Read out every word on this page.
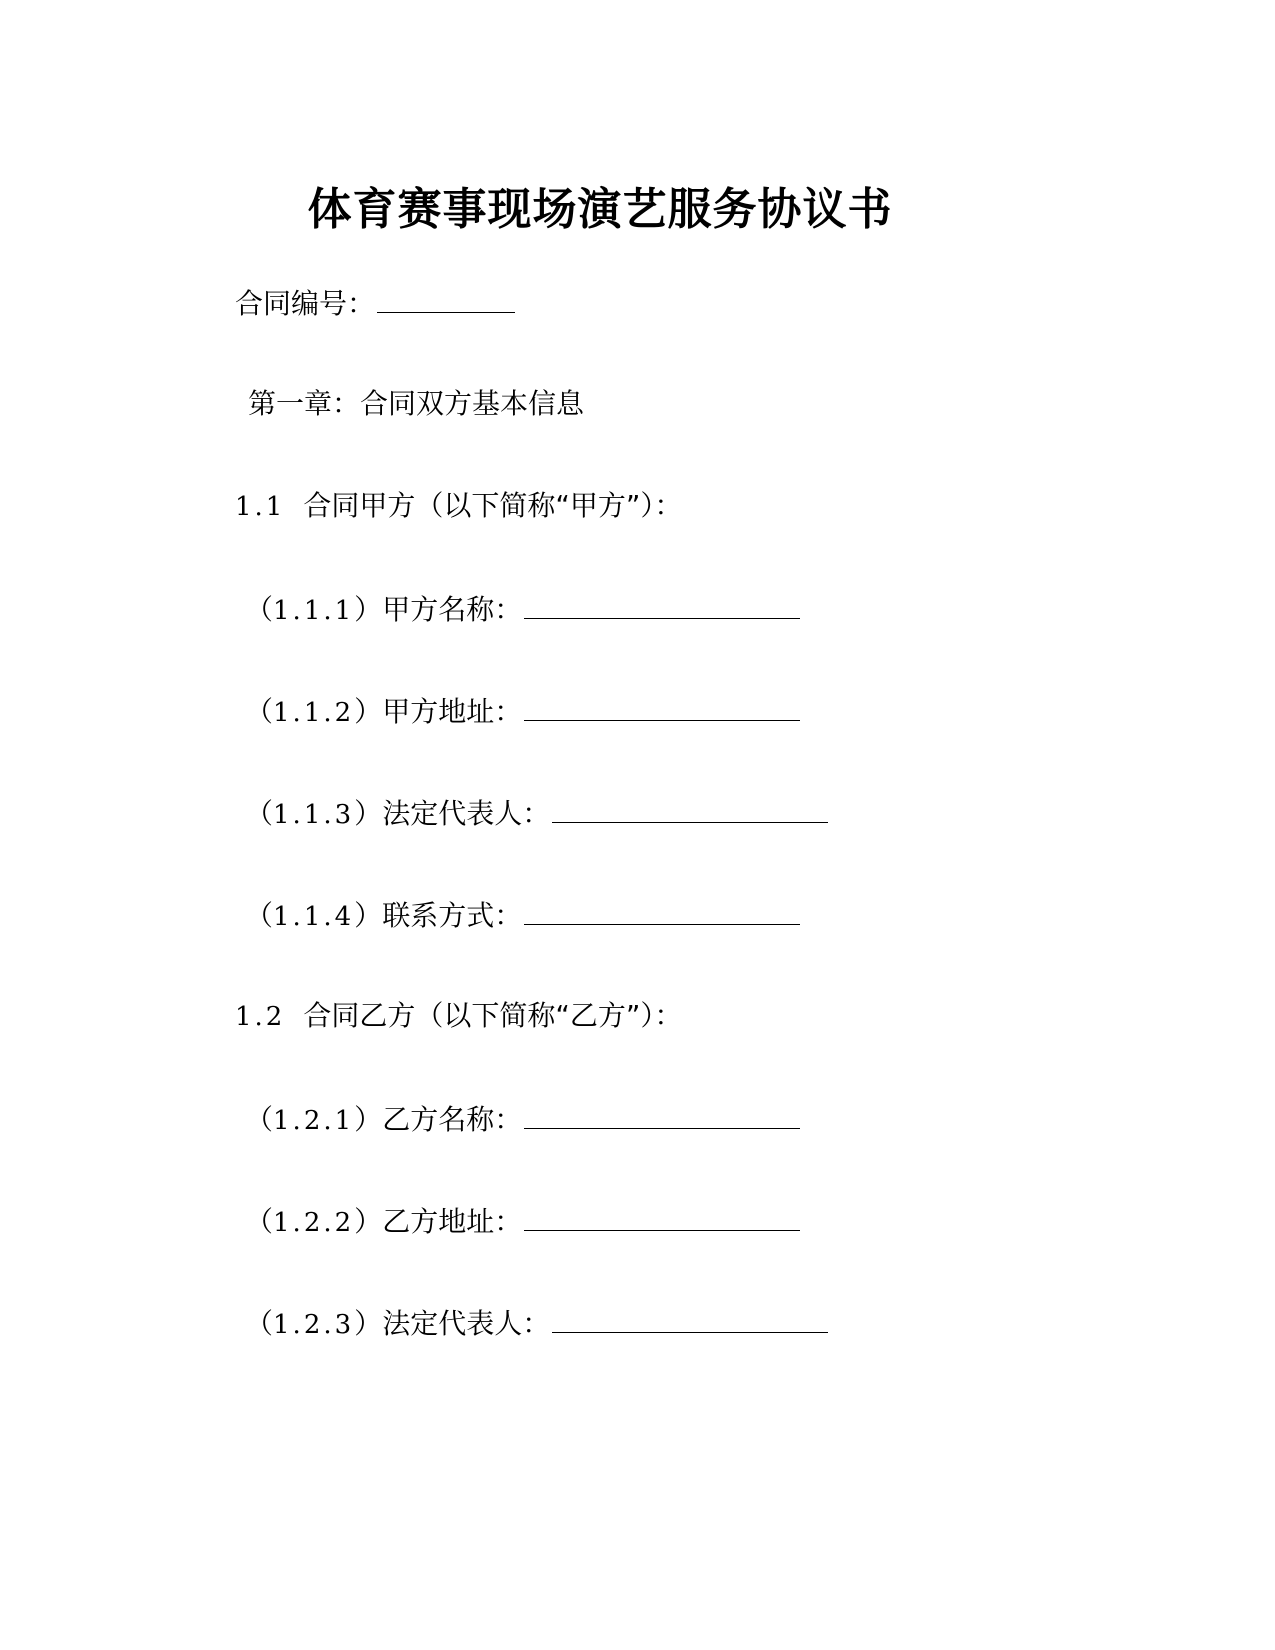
体育赛事现场演艺服务协议书
合同编号：
第一章：合同双方基本信息
1.1 合同甲方（以下简称“甲方”）：
（ 1.1.1 ） 甲方名称：
（ 1.1.2 ） 甲方地址：
（ 1.1.3 ） 法定代表人：
（ 1.1.4 ） 联系方式：
1.2 合同乙方（以下简称“乙方”）：
（ 1.2.1 ） 乙方名称：
（ 1.2.2 ） 乙方地址：
（ 1.2.3 ） 法定代表人：
